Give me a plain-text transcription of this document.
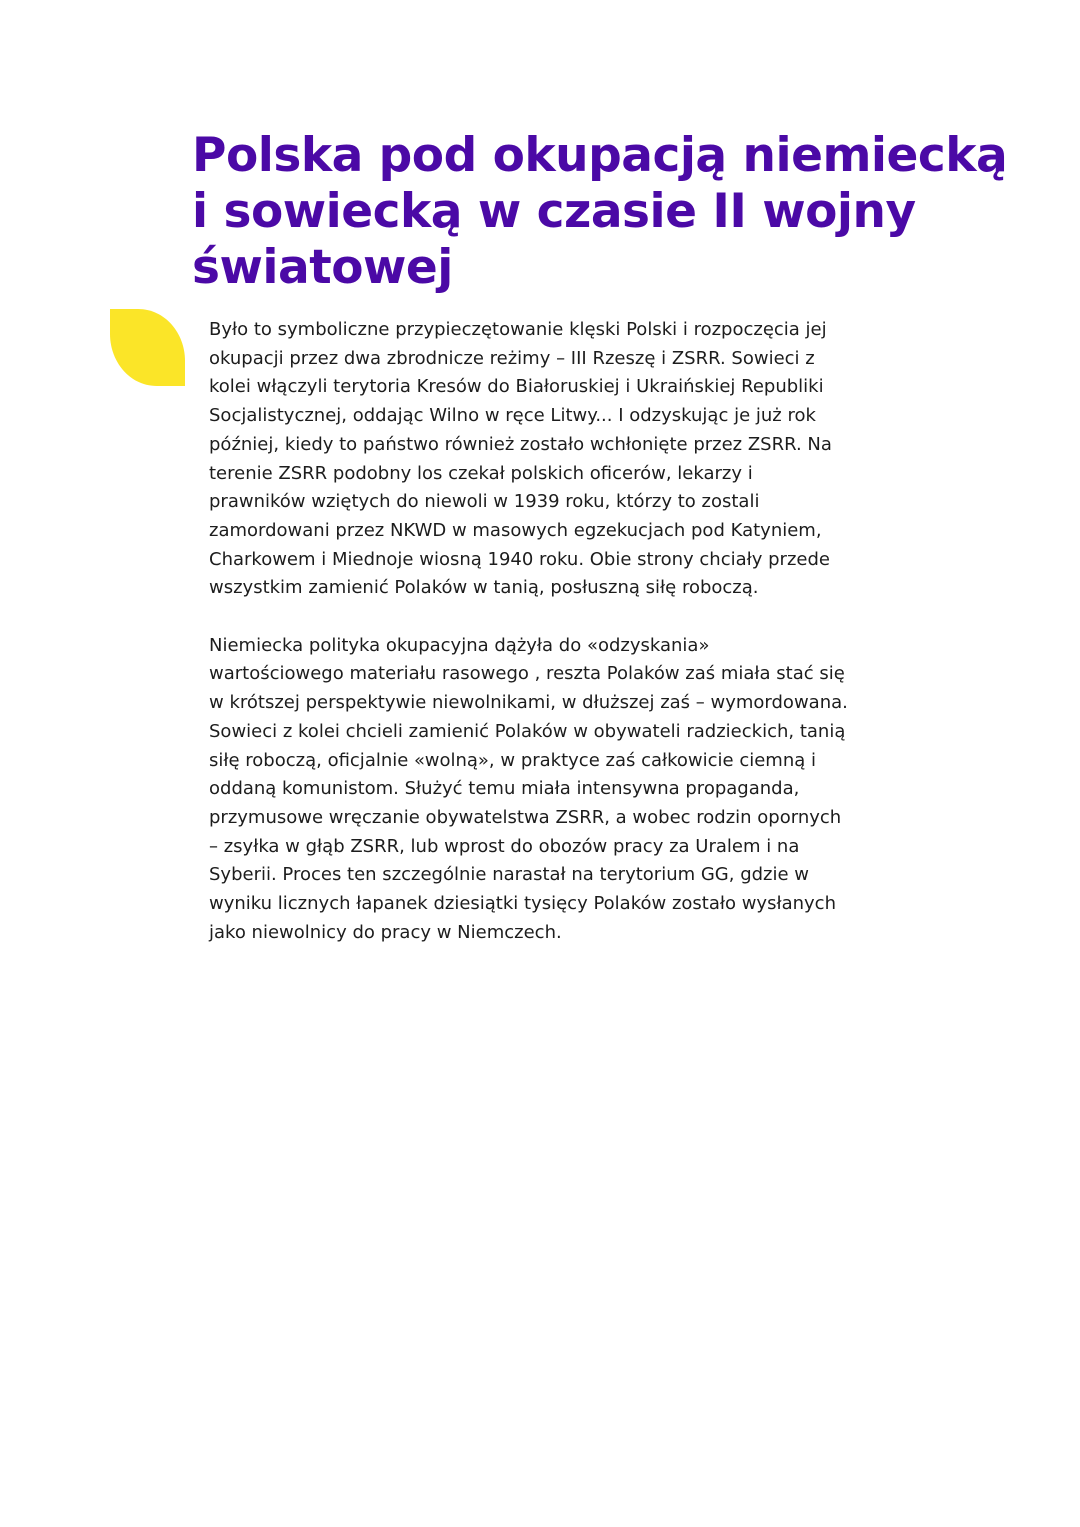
Polska pod okupacją niemiecką
i sowiecką w czasie II wojny
światowej

Było to symboliczne przypieczętowanie klęski Polski i rozpoczęcia jej
okupacji przez dwa zbrodnicze reżimy – III Rzeszę i ZSRR. Sowieci z
kolei włączyli terytoria Kresów do Białoruskiej i Ukraińskiej Republiki
Socjalistycznej, oddając Wilno w ręce Litwy... I odzyskując je już rok
później, kiedy to państwo również zostało wchłonięte przez ZSRR. Na
terenie ZSRR podobny los czekał polskich oficerów, lekarzy i
prawników wziętych do niewoli w 1939 roku, którzy to zostali
zamordowani przez NKWD w masowych egzekucjach pod Katyniem,
Charkowem i Miednoje wiosną 1940 roku. Obie strony chciały przede
wszystkim zamienić Polaków w tanią, posłuszną siłę roboczą.

Niemiecka polityka okupacyjna dążyła do «odzyskania»
wartościowego materiału rasowego , reszta Polaków zaś miała stać się
w krótszej perspektywie niewolnikami, w dłuższej zaś – wymordowana.
Sowieci z kolei chcieli zamienić Polaków w obywateli radzieckich, tanią
siłę roboczą, oficjalnie «wolną», w praktyce zaś całkowicie ciemną i
oddaną komunistom. Służyć temu miała intensywna propaganda,
przymusowe wręczanie obywatelstwa ZSRR, a wobec rodzin opornych
– zsyłka w głąb ZSRR, lub wprost do obozów pracy za Uralem i na
Syberii. Proces ten szczególnie narastał na terytorium GG, gdzie w
wyniku licznych łapanek dziesiątki tysięcy Polaków zostało wysłanych
jako niewolnicy do pracy w Niemczech.
